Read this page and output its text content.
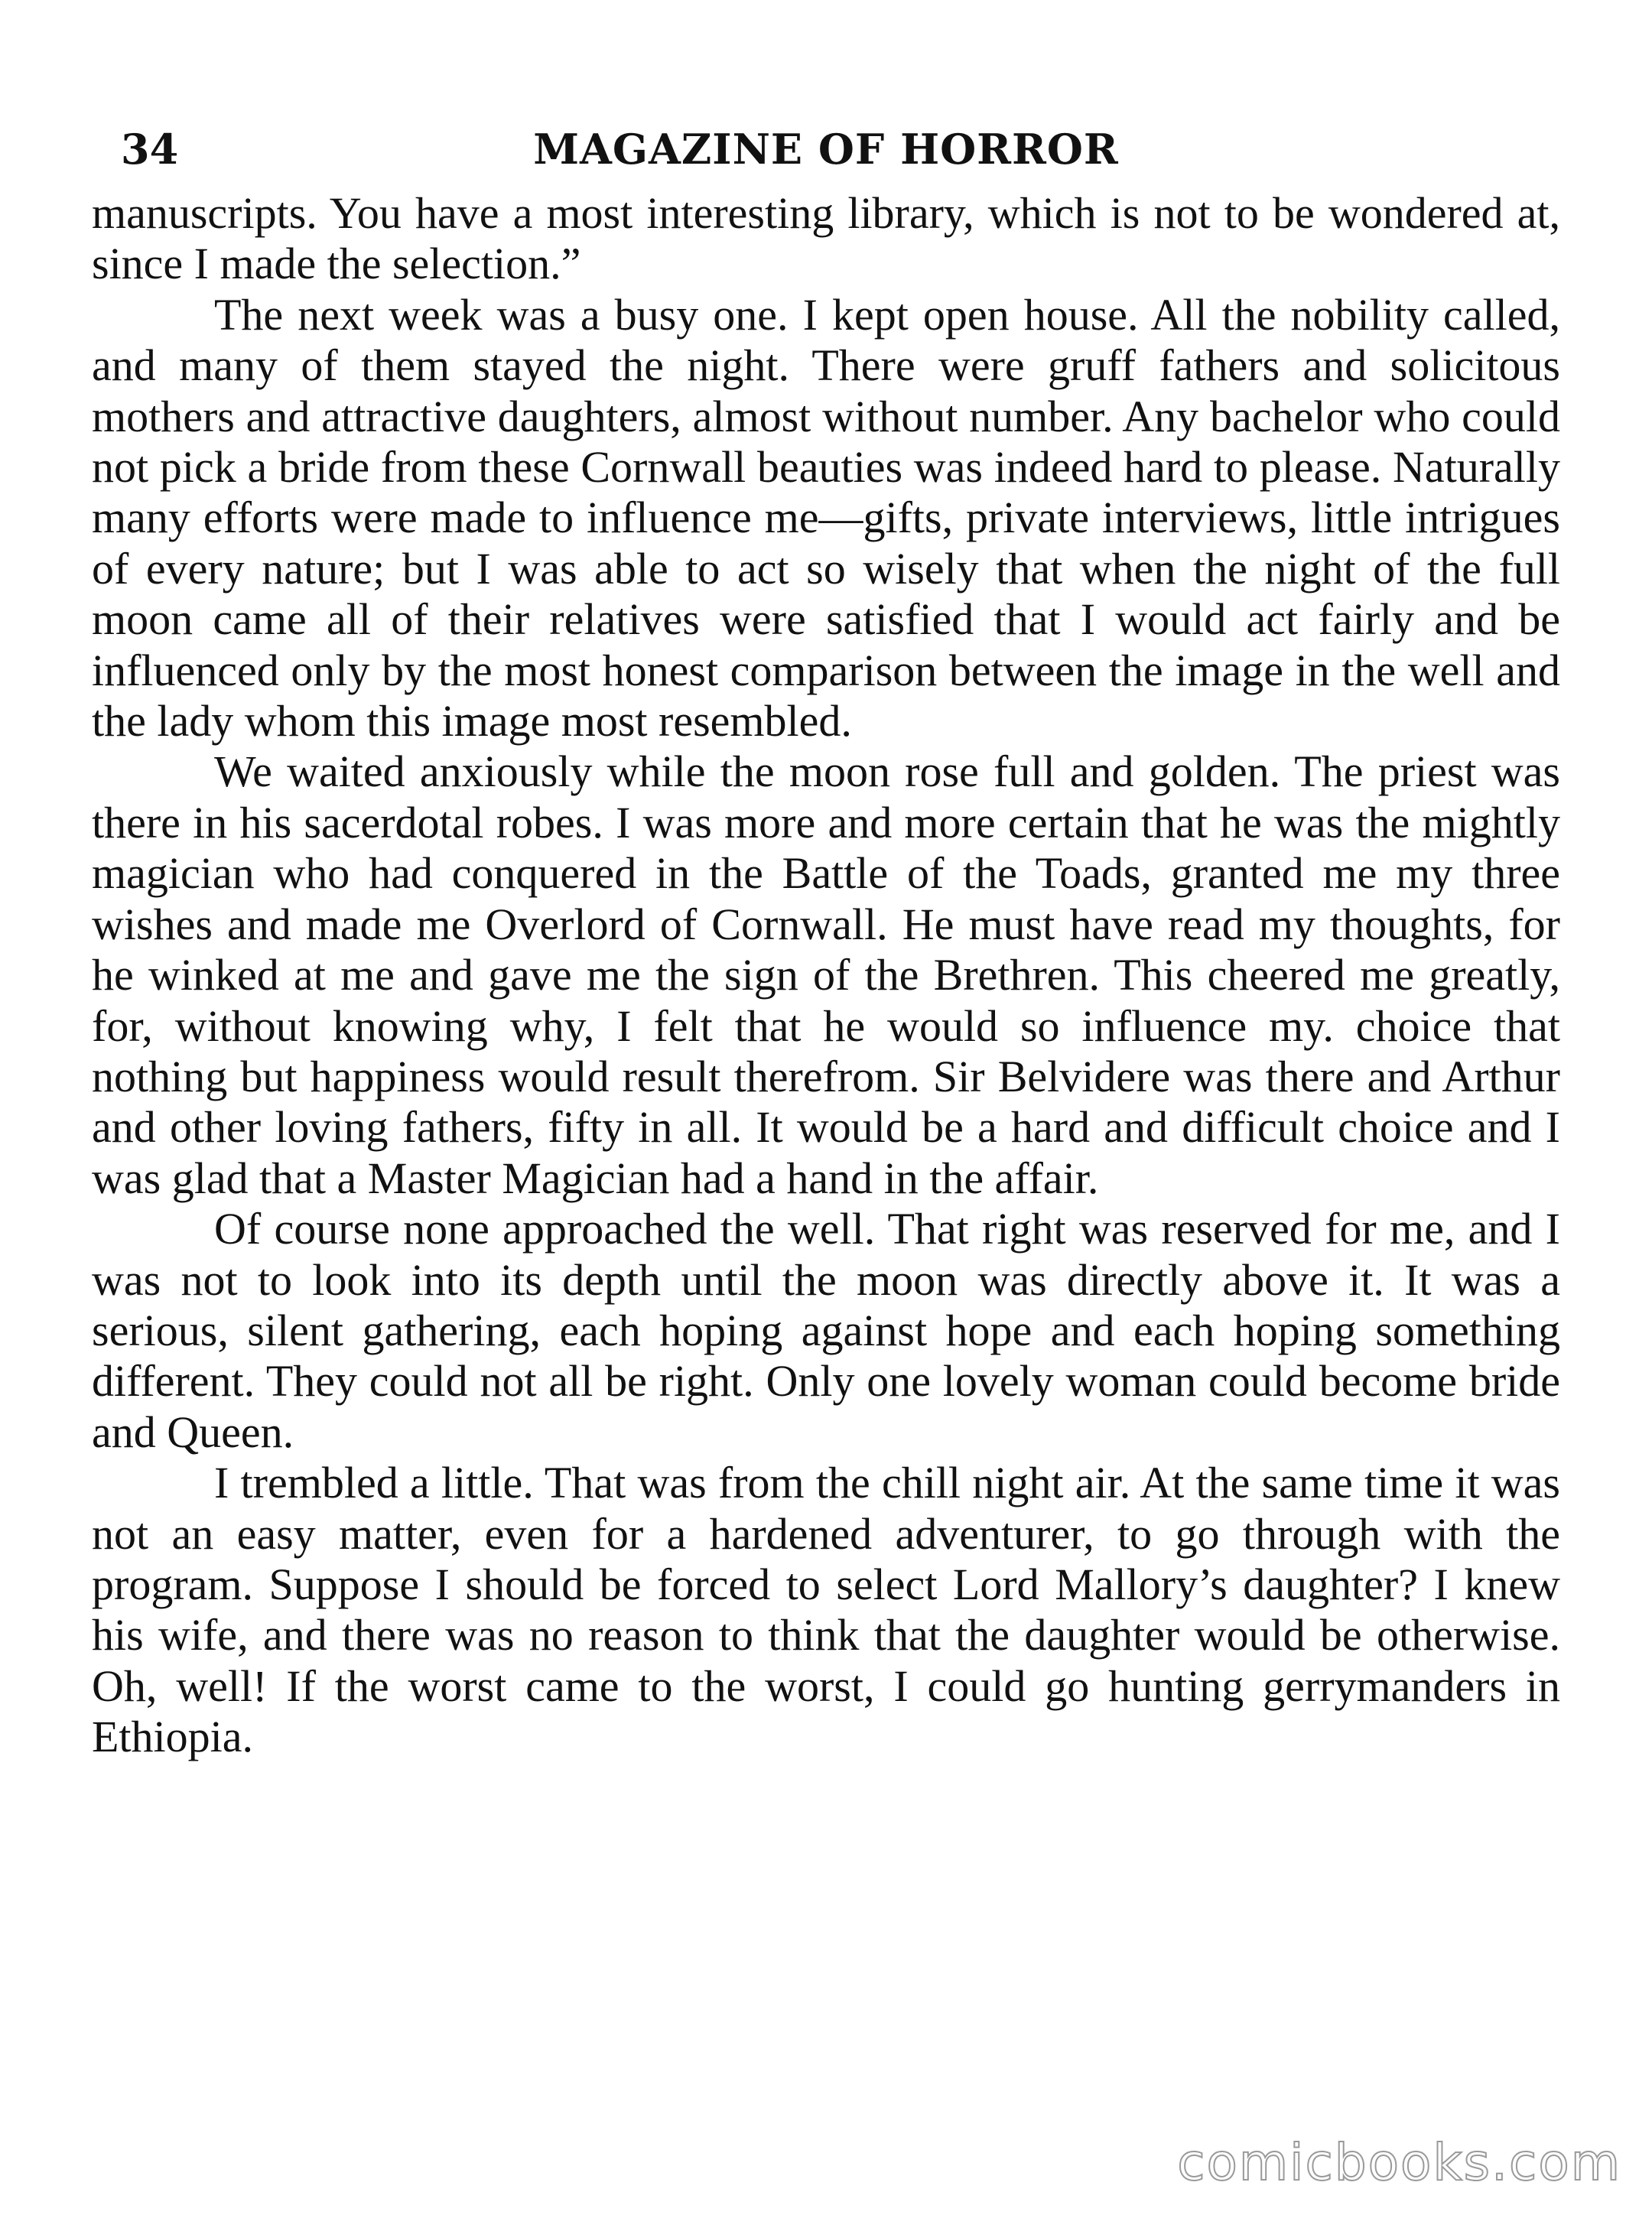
34	MAGAZINE OF HORROR

manuscripts. You have a most interesting library, which is not to be wondered at, since I made the selection.”

The next week was a busy one. I kept open house. All the nobility called, and many of them stayed the night. There were gruff fathers and solicitous mothers and attractive daughters, almost without number. Any bachelor who could not pick a bride from these Cornwall beauties was indeed hard to please. Naturally many efforts were made to influence me—gifts, private interviews, little intrigues of every nature; but I was able to act so wisely that when the night of the full moon came all of their relatives were satisfied that I would act fairly and be influenced only by the most honest comparison between the image in the well and the lady whom this image most resembled.

We waited anxiously while the moon rose full and golden. The priest was there in his sacerdotal robes. I was more and more certain that he was the mightly magician who had conquered in the Battle of the Toads, granted me my three wishes and made me Overlord of Cornwall. He must have read my thoughts, for he winked at me and gave me the sign of the Brethren. This cheered me greatly, for, without knowing why, I felt that he would so influence my. choice that nothing but happiness would result therefrom. Sir Belvidere was there and Arthur and other loving fathers, fifty in all. It would be a hard and difficult choice and I was glad that a Master Magician had a hand in the affair.

Of course none approached the well. That right was reserved for me, and I was not to look into its depth until the moon was directly above it. It was a serious, silent gathering, each hoping against hope and each hoping something different. They could not all be right. Only one lovely woman could become bride and Queen.

I trembled a little. That was from the chill night air. At the same time it was not an easy matter, even for a hardened adventurer, to go through with the program. Suppose I should be forced to select Lord Mallory’s daughter? I knew his wife, and there was no reason to think that the daughter would be otherwise. Oh, well! If the worst came to the worst, I could go hunting gerrymanders in Ethiopia.

comicbooks.com
